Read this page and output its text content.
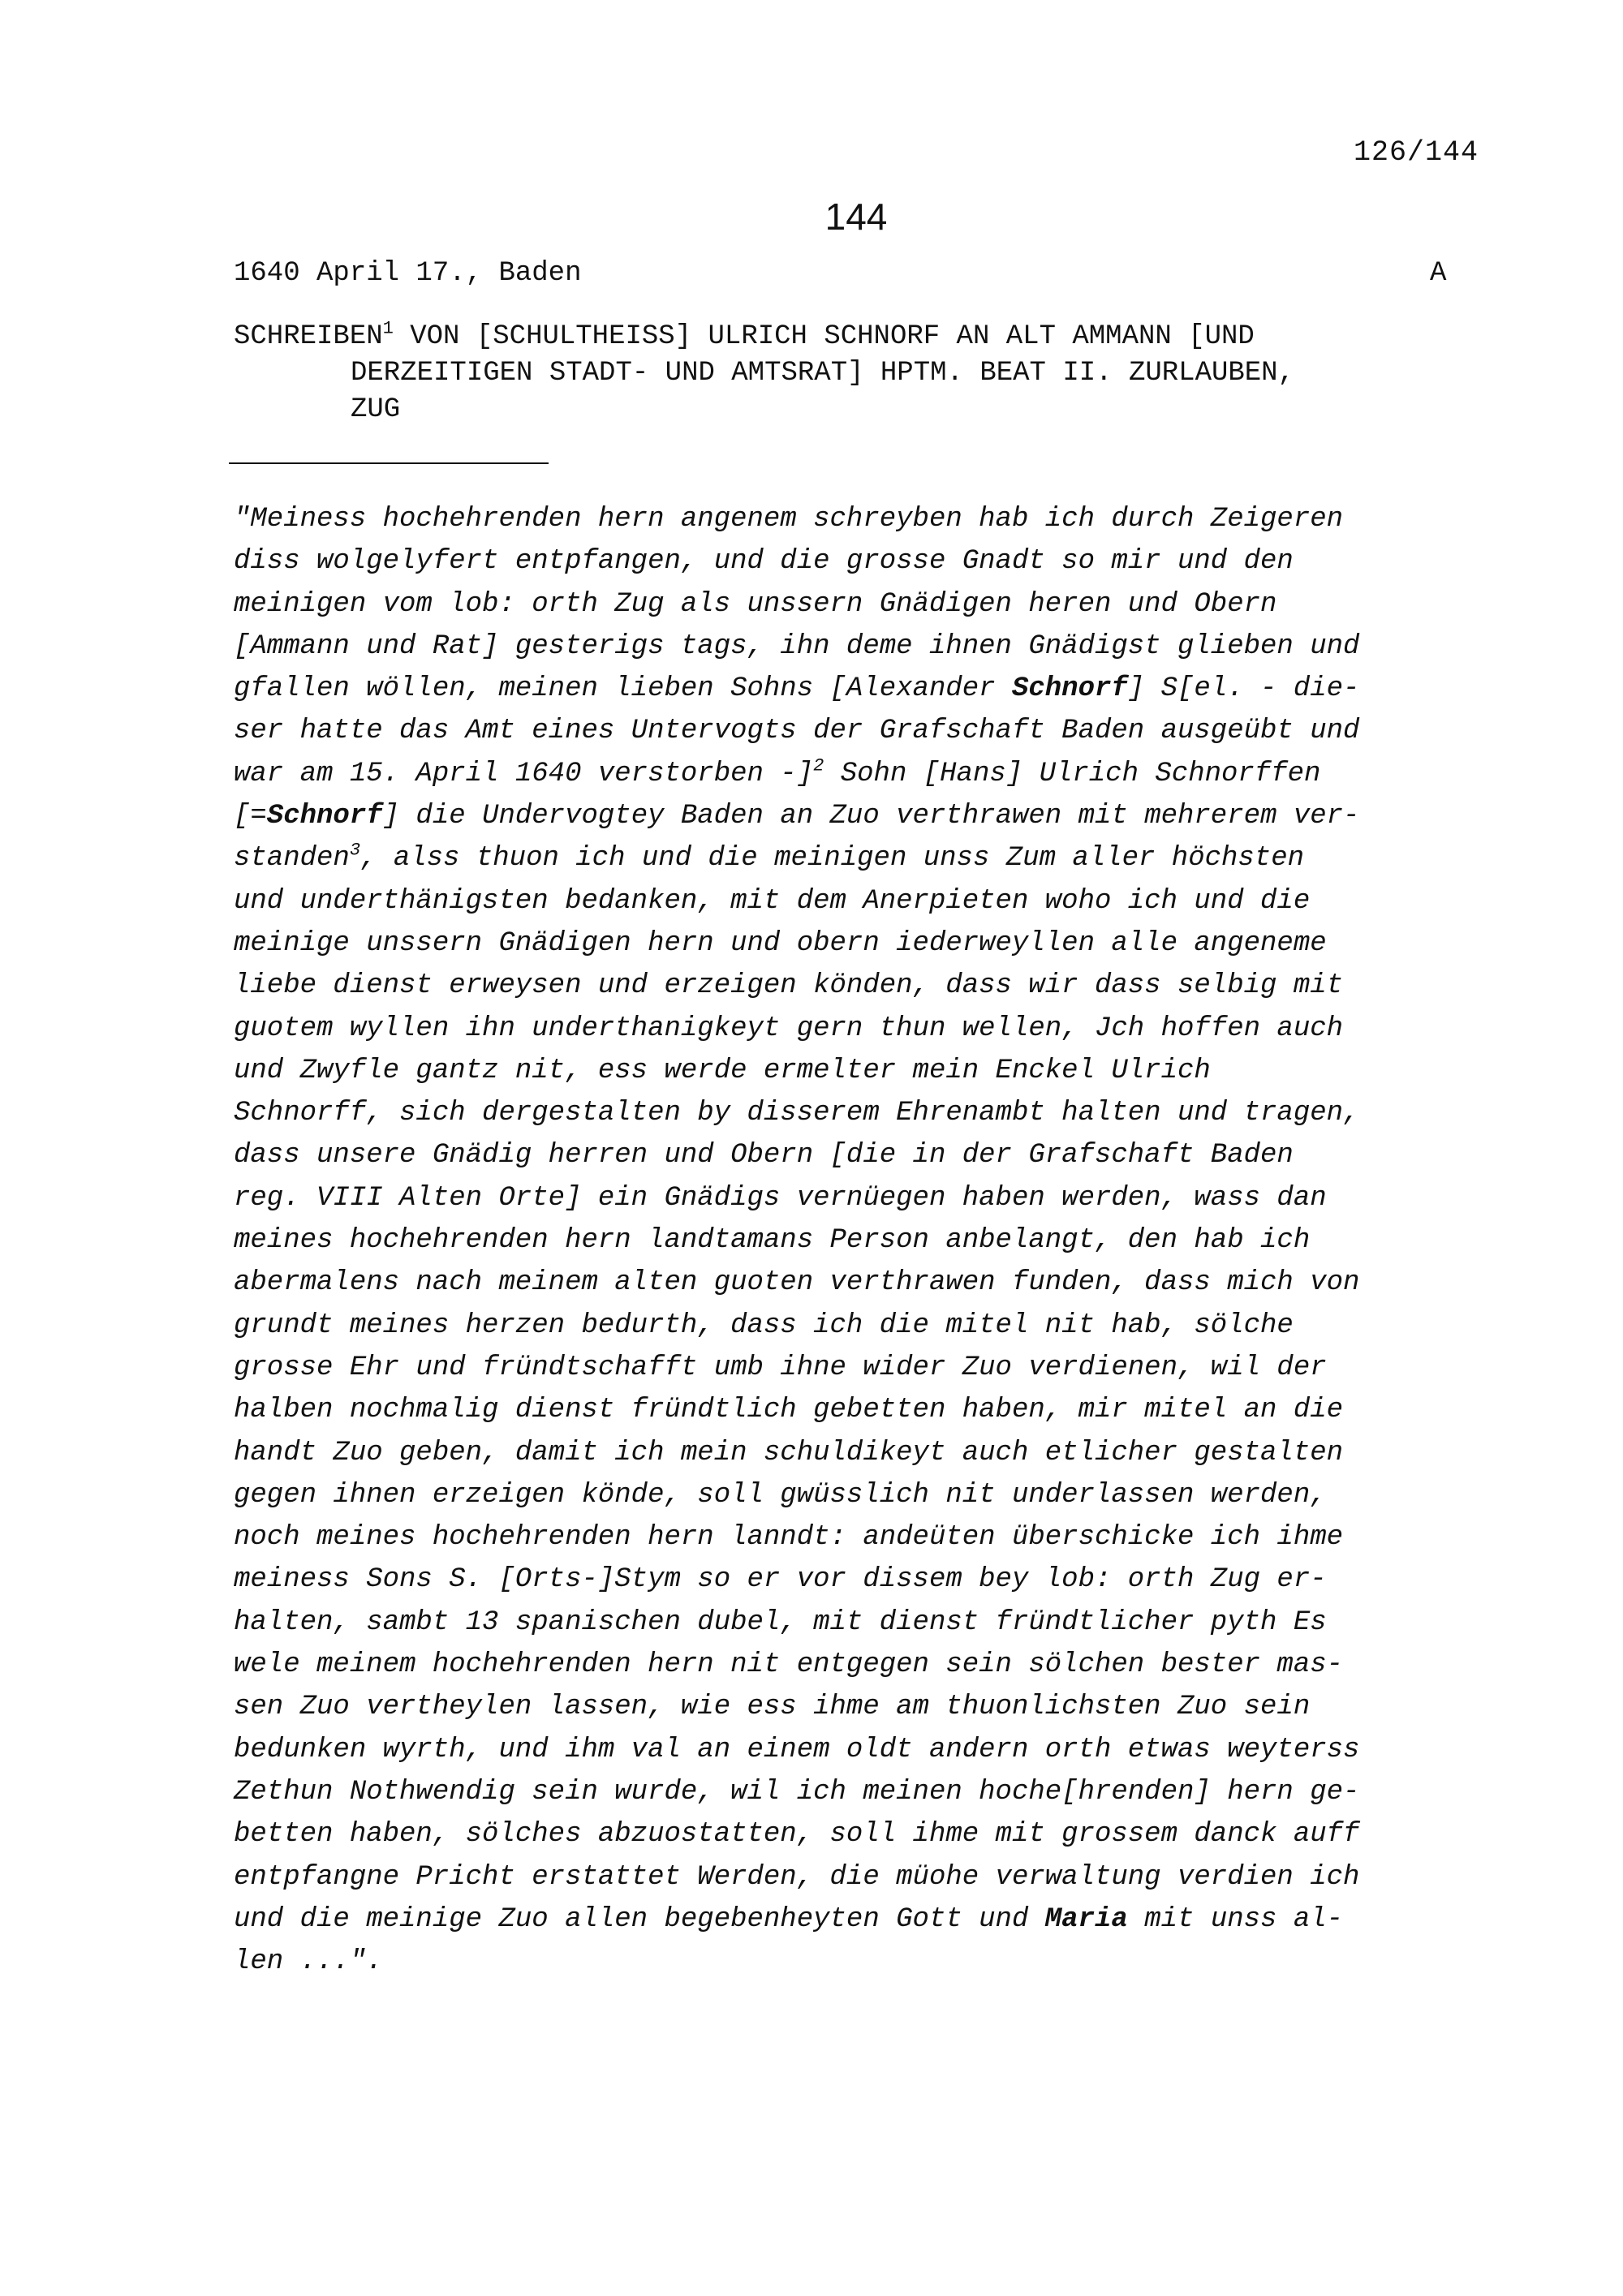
126/144
144
1640 April 17., Baden	A
SCHREIBEN$^1$ VON [SCHULTHEISS] ULRICH SCHNORF AN ALT AMMANN [UND
DERZEITIGEN STADT- UND AMTSRAT] HPTM. BEAT II. ZURLAUBEN,
ZUG
"Meiness hochehrenden hern angenem schreyben hab ich durch Zeigeren
diss wolgelyfert entpfangen, und die grosse Gnadt so mir und den
meinigen vom lob: orth Zug als unssern Gnädigen heren und Obern
[Ammann und Rat] gesterigs tags, ihn deme ihnen Gnädigst glieben und
gfallen wöllen, meinen lieben Sohns [Alexander Schnorf] S[el. - die-
ser hatte das Amt eines Untervogts der Grafschaft Baden ausgeübt und
war am 15. April 1640 verstorben -]$^2$ Sohn [Hans] Ulrich Schnorffen
[=Schnorf] die Undervogtey Baden an Zuo verthrawen mit mehrerem ver-
standen$^3$, alss thuon ich und die meinigen unss Zum aller höchsten
und underthänigsten bedanken, mit dem Anerpieten woho ich und die
meinige unssern Gnädigen hern und obern iederweyllen alle angeneme
liebe dienst erweysen und erzeigen könden, dass wir dass selbig mit
guotem wyllen ihn underthanigkeyt gern thun wellen, Jch hoffen auch
und Zwyfle gantz nit, ess werde ermelter mein Enckel Ulrich
Schnorff, sich dergestalten by disserem Ehrenambt halten und tragen,
dass unsere Gnädig herren und Obern [die in der Grafschaft Baden
reg. VIII Alten Orte] ein Gnädigs vernüegen haben werden, wass dan
meines hochehrenden hern landtamans Person anbelangt, den hab ich
abermalens nach meinem alten guoten verthrawen funden, dass mich von
grundt meines herzen bedurth, dass ich die mitel nit hab, sölche
grosse Ehr und fründtschafft umb ihne wider Zuo verdienen, wil der
halben nochmalig dienst fründtlich gebetten haben, mir mitel an die
handt Zuo geben, damit ich mein schuldikeyt auch etlicher gestalten
gegen ihnen erzeigen könde, soll gwüsslich nit underlassen werden,
noch meines hochehrenden hern lanndt: andeüten überschicke ich ihme
meiness Sons S. [Orts-]Stym so er vor dissem bey lob: orth Zug er-
halten, sambt 13 spanischen dubel, mit dienst fründtlicher pyth Es
wele meinem hochehrenden hern nit entgegen sein sölchen bester mas-
sen Zuo vertheylen lassen, wie ess ihme am thuonlichsten Zuo sein
bedunken wyrth, und ihm val an einem oldt andern orth etwas weyterss
Zethun Nothwendig sein wurde, wil ich meinen hoche[hrenden] hern ge-
betten haben, sölches abzuostatten, soll ihme mit grossem danck auff
entpfangne Pricht erstattet Werden, die müohe verwaltung verdien ich
und die meinige Zuo allen begebenheyten Gott und Maria mit unss al-
len ...".
